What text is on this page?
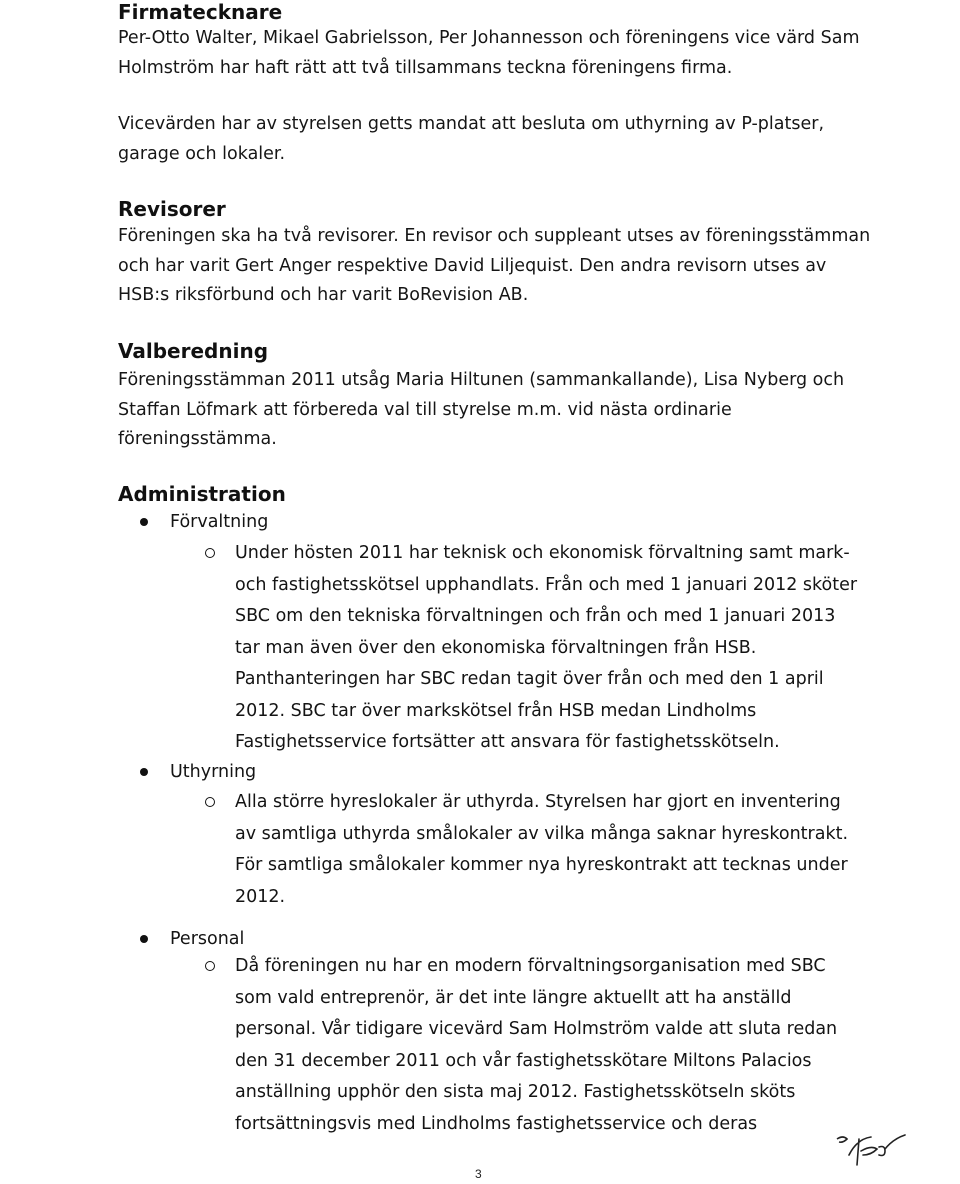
Firmatecknare

Per-Otto Walter, Mikael Gabrielsson, Per Johannesson och föreningens vice värd Sam Holmström har haft rätt att två tillsammans teckna föreningens firma.

Vicevärden har av styrelsen getts mandat att besluta om uthyrning av P-platser, garage och lokaler.

Revisorer

Föreningen ska ha två revisorer. En revisor och suppleant utses av föreningsstämman och har varit Gert Anger respektive David Liljequist. Den andra revisorn utses av HSB:s riksförbund och har varit BoRevision AB.

Valberedning

Föreningsstämman 2011 utsåg Maria Hiltunen (sammankallande), Lisa Nyberg och Staffan Löfmark att förbereda val till styrelse m.m. vid nästa ordinarie föreningsstämma.

Administration
Förvaltning
Under hösten 2011 har teknisk och ekonomisk förvaltning samt mark- och fastighetsskötsel upphandlats. Från och med 1 januari 2012 sköter SBC om den tekniska förvaltningen och från och med 1 januari 2013 tar man även över den ekonomiska förvaltningen från HSB. Panthanteringen har SBC redan tagit över från och med den 1 april 2012. SBC tar över markskötsel från HSB medan Lindholms Fastighetsservice fortsätter att ansvara för fastighetsskötseln.
Uthyrning
Alla större hyreslokaler är uthyrda. Styrelsen har gjort en inventering av samtliga uthyrda smålokaler av vilka många saknar hyreskontrakt. För samtliga smålokaler kommer nya hyreskontrakt att tecknas under 2012.
Personal
Då föreningen nu har en modern förvaltningsorganisation med SBC som vald entreprenör, är det inte längre aktuellt att ha anställd personal. Vår tidigare vicevärd Sam Holmström valde att sluta redan den 31 december 2011 och vår fastighetsskötare Miltons Palacios anställning upphör den sista maj 2012. Fastighetsskötseln sköts fortsättningsvis med Lindholms fastighetsservice och deras
3
